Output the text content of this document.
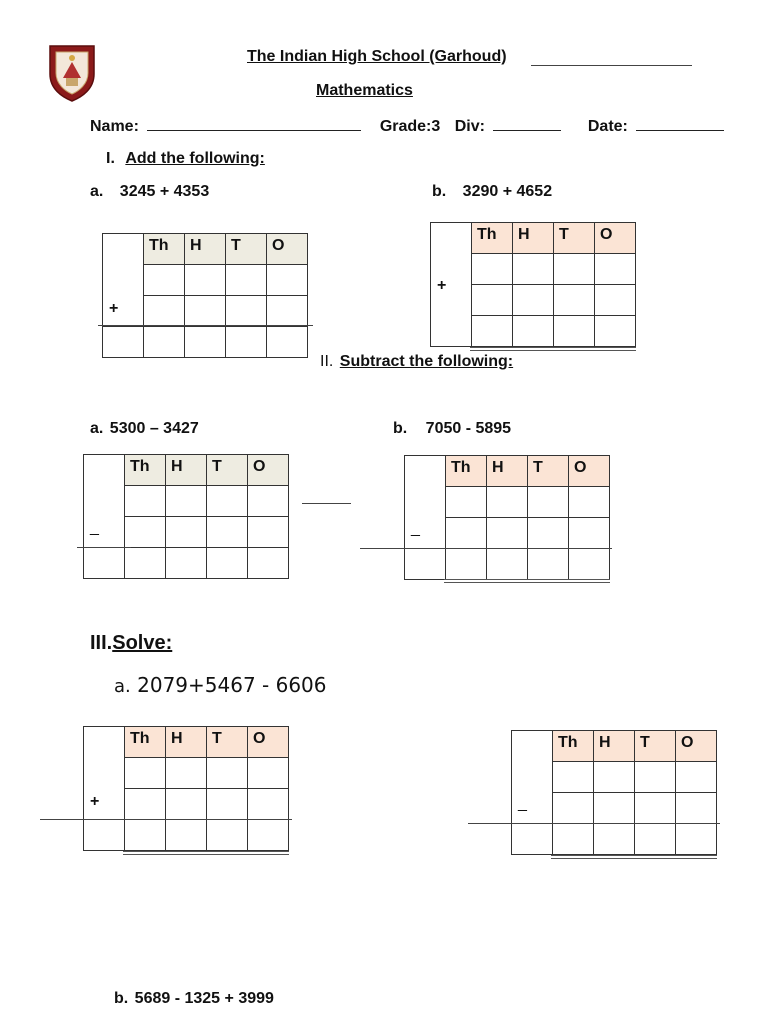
The Indian High School (Garhoud)
Mathematics
Name:	Grade:3 Div:	Date:
I. Add the following:
a. 3245 + 4353	b. 3290 + 4652
+	Th	H	T	O

+	Th	H	T	O

II. Subtract the following:
a. 5300 – 3427	b. 7050 - 5895
_	Th	H	T	O

_	Th	H	T	O

III.Solve:
a. 2079+5467 - 6606
+	Th	H	T	O

_	Th	H	T	O

b. 5689 - 1325 + 3999
